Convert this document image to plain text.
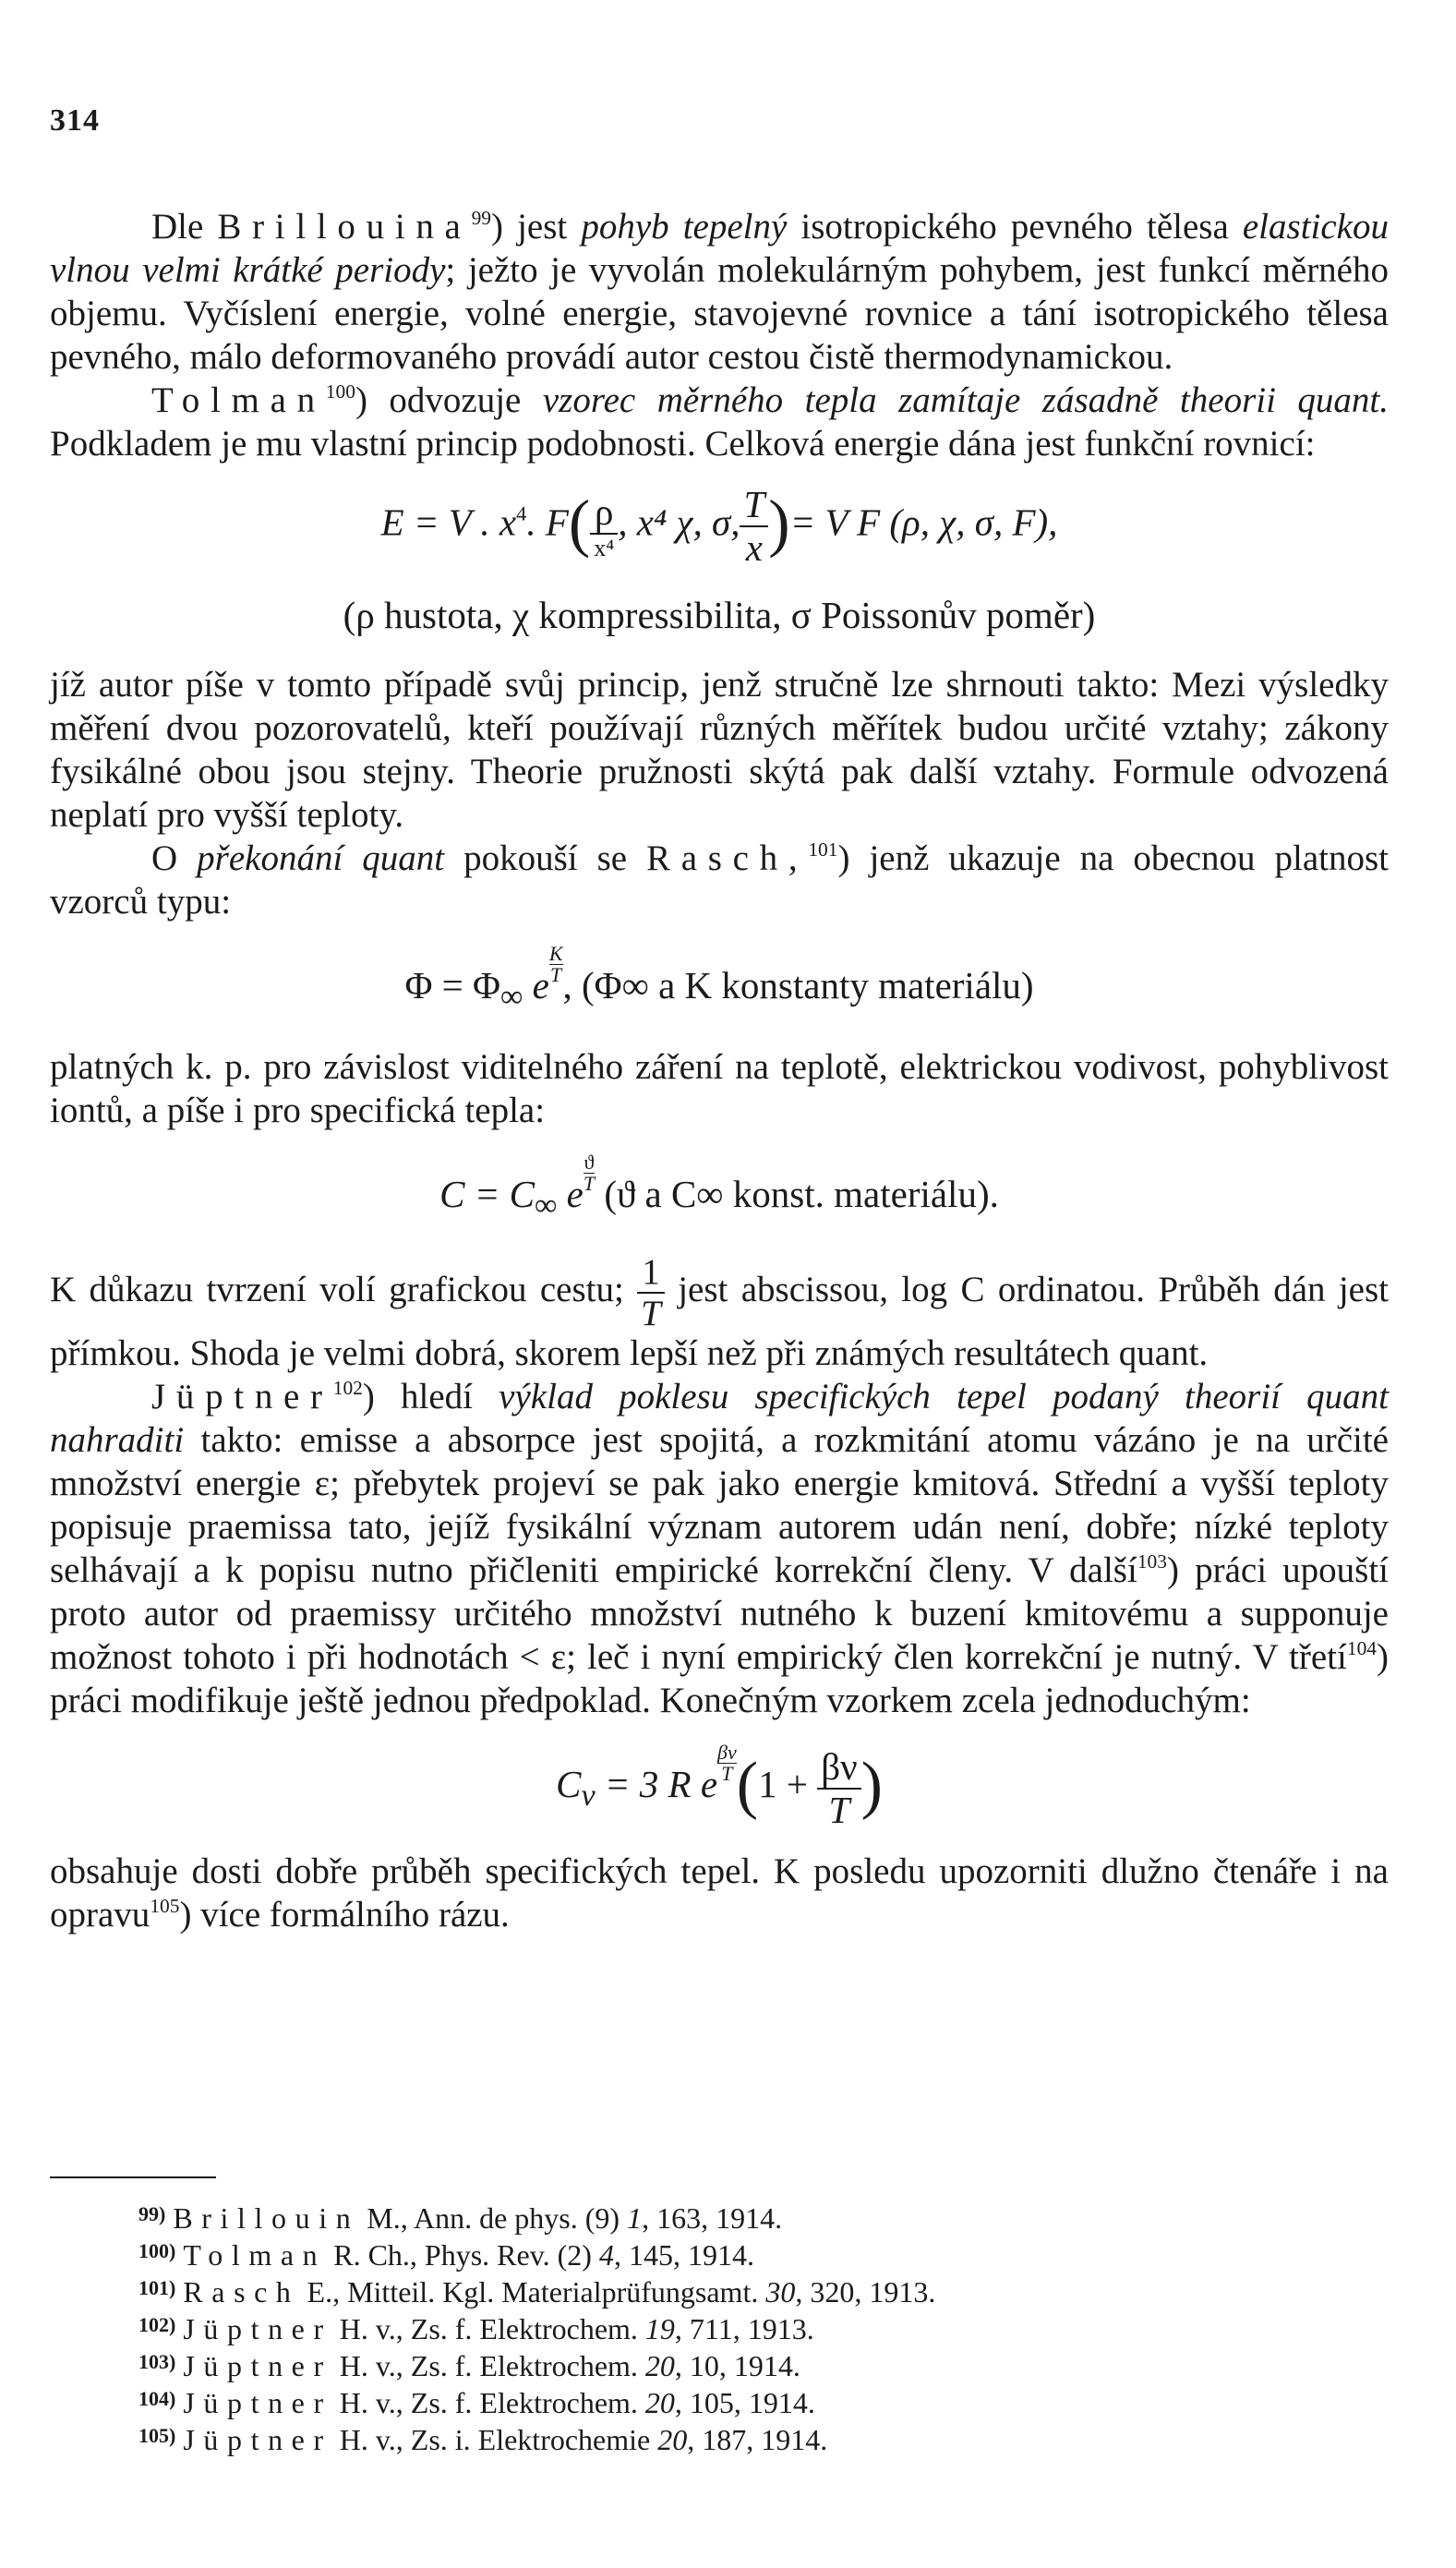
314

Dle Brillouina$^{99}$) jest pohyb tepelný isotropického pevného tělesa elastickou vlnou velmi krátké periody; ježto je vyvolán molekulárným pohybem, jest funkcí měrného objemu. Vyčíslení energie, volné energie, stavojevné rovnice a tání isotropického tělesa pevného, málo deformovaného provádí autor cestou čistě thermodynamickou.

Tolman$^{100}$) odvozuje vzorec měrného tepla zamítaje zásadně theorii quant. Podkladem je mu vlastní princip podobnosti. Celková energie dána jest funkční rovnicí:

E = V . $x^4$. $F( \frac{\rho}{\text{x⁴}}$ , x⁴ χ, σ, $\frac{T}{x}$ )= V F (ρ, χ, σ, F),

(ρ hustota, χ kompressibilita, σ Poissonův poměr)

jíž autor píše v tomto případě svůj princip, jenž stručně lze shrnouti takto: Mezi výsledky měření dvou pozorovatelů, kteří používají různých měřítek budou určité vztahy; zákony fysikálné obou jsou stejny. Theorie pružnosti skýtá pak další vztahy. Formule odvozená neplatí pro vyšší teploty.

O překonání quant pokouší se Rasch,$^{101}$) jenž ukazuje na obecnou platnost vzorců typu:

$\Phi = \Phi_\infty$ e $\frac{K}{T}$ , (Φ∞ a K konstanty materiálu)

platných k. p. pro závislost viditelného záření na teplotě, elektrickou vodivost, pohyblivost iontů, a píše i pro specifická tepla:

$C = C_\infty$ e $\frac{ϑ}{T} (ϑ$ a C∞ konst. materiálu).

K důkazu tvrzení volí grafickou cestu; $\frac{1}{T}$ jest abscissou, log C ordinatou. Průběh dán jest přímkou. Shoda je velmi dobrá, skorem lepší než při známých resultátech quant.

Jüptner$^{102}$) hledí výklad poklesu specifických tepel podaný theorií quant nahraditi takto: emisse a absorpce jest spojitá, a rozkmitání atomu vázáno je na určité množství energie ε; přebytek projeví se pak jako energie kmitová. Střední a vyšší teploty popisuje praemissa tato, jejíž fysikální význam autorem udán není, dobře; nízké teploty selhávají a k popisu nutno přičleniti empirické korrekční členy. V další$^{103}$) práci upouští proto autor od praemissy určitého množství nutného k buzení kmitovému a supponuje možnost tohoto i při hodnotách < ε; leč i nyní empirický člen korrekční je nutný. V třetí$^{104}$) práci modifikuje ještě jednou předpoklad. Konečným vzorkem zcela jednoduchým:

$C_v = 3$ R e $\frac{\beta\nu}{T} (1 + \frac{\beta\nu}{T}$ )

obsahuje dosti dobře průběh specifických tepel. K posledu upozorniti dlužno čtenáře i na opravu$^{105}$) více formálního rázu.

$^{99)}$ Brillouin M., Ann. de phys. (9) 1, 163, 1914.
$^{100)}$ Tolman R. Ch., Phys. Rev. (2) 4, 145, 1914.
$^{101)}$ Rasch E., Mitteil. Kgl. Materialprüfungsamt. 30, 320, 1913.
$^{102)}$ Jüptner H. v., Zs. f. Elektrochem. 19, 711, 1913.
$^{103)}$ Jüptner H. v., Zs. f. Elektrochem. 20, 10, 1914.
$^{104)}$ Jüptner H. v., Zs. f. Elektrochem. 20, 105, 1914.
$^{105)}$ Jüptner H. v., Zs. i. Elektrochemie 20, 187, 1914.
